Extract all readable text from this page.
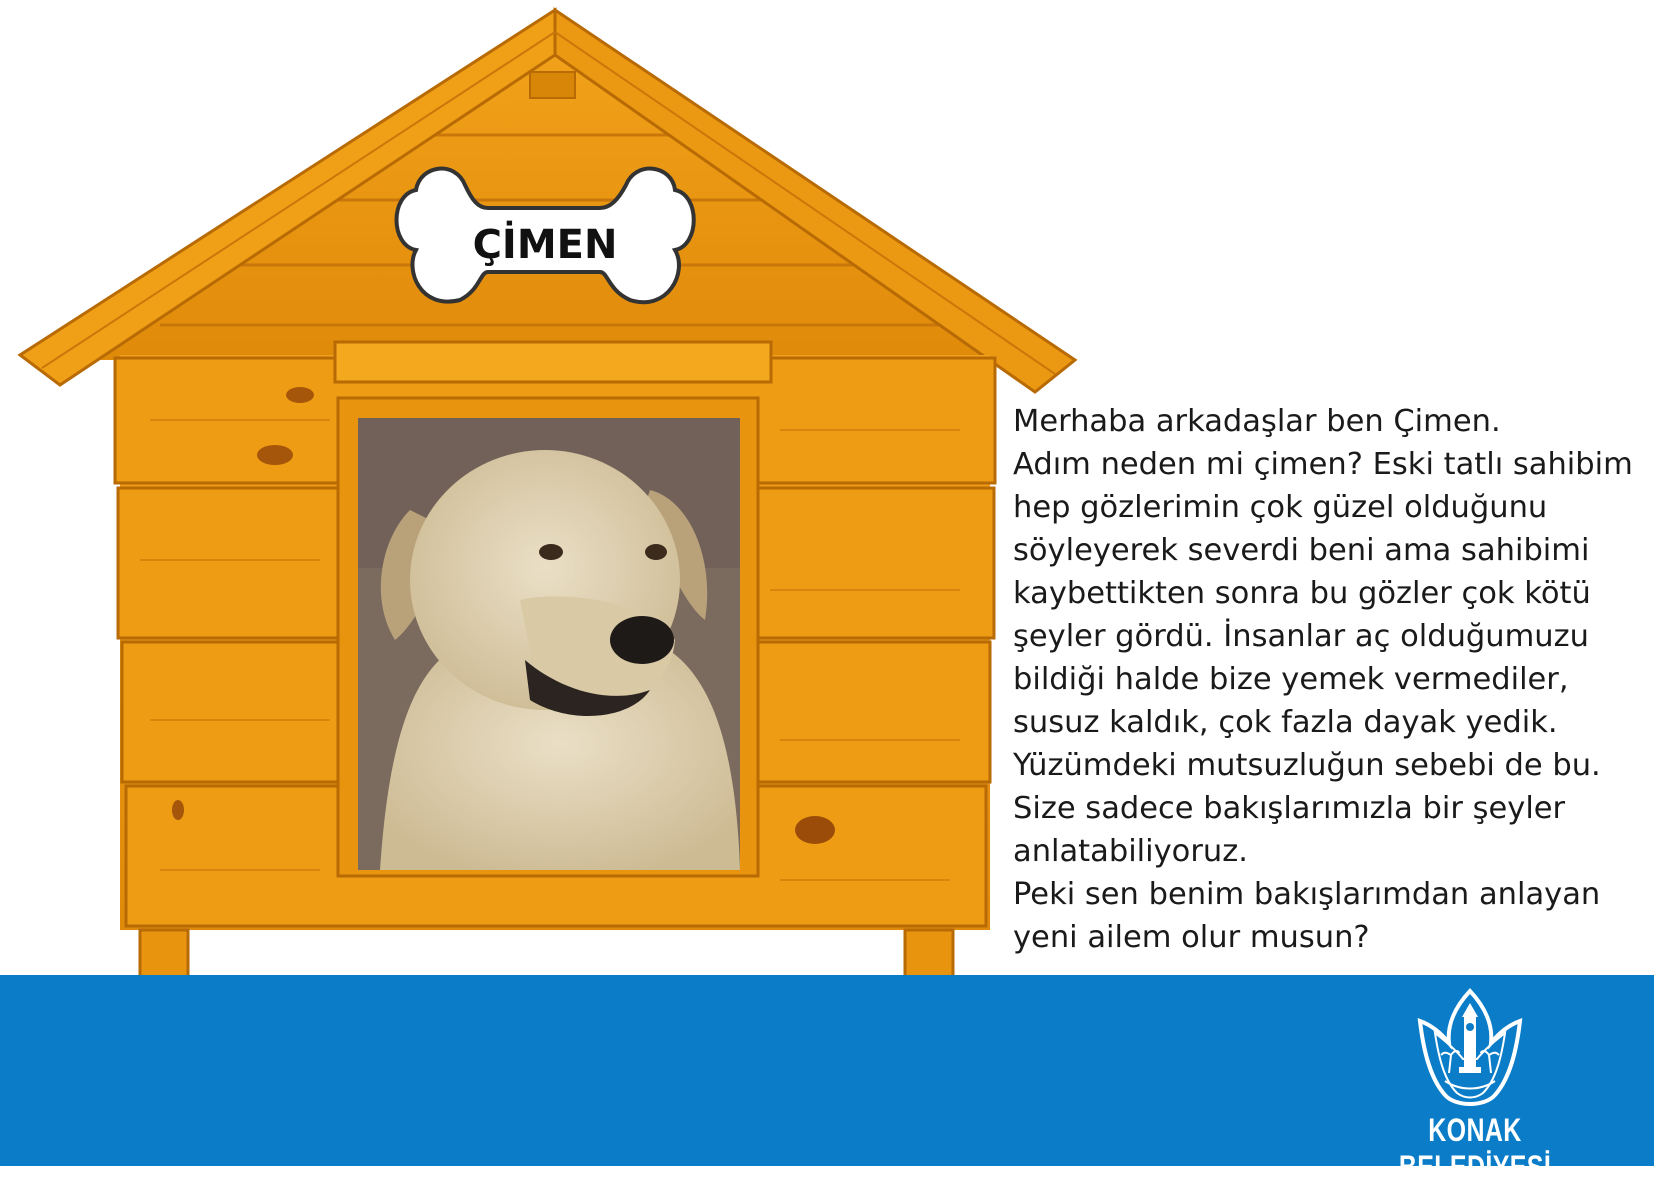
ÇİMEN
Merhaba arkadaşlar ben Çimen.
Adım neden mi çimen? Eski tatlı sahibim
hep gözlerimin çok güzel olduğunu
söyleyerek severdi beni ama sahibimi
kaybettikten sonra bu gözler çok kötü
şeyler gördü. İnsanlar aç olduğumuzu
bildiği halde bize yemek vermediler,
susuz kaldık, çok fazla dayak yedik.
Yüzümdeki mutsuzluğun sebebi de bu.
Size sadece bakışlarımızla bir şeyler
anlatabiliyoruz.
Peki sen benim bakışlarımdan anlayan
yeni ailem olur musun?
KONAK BELEDİYESİ
